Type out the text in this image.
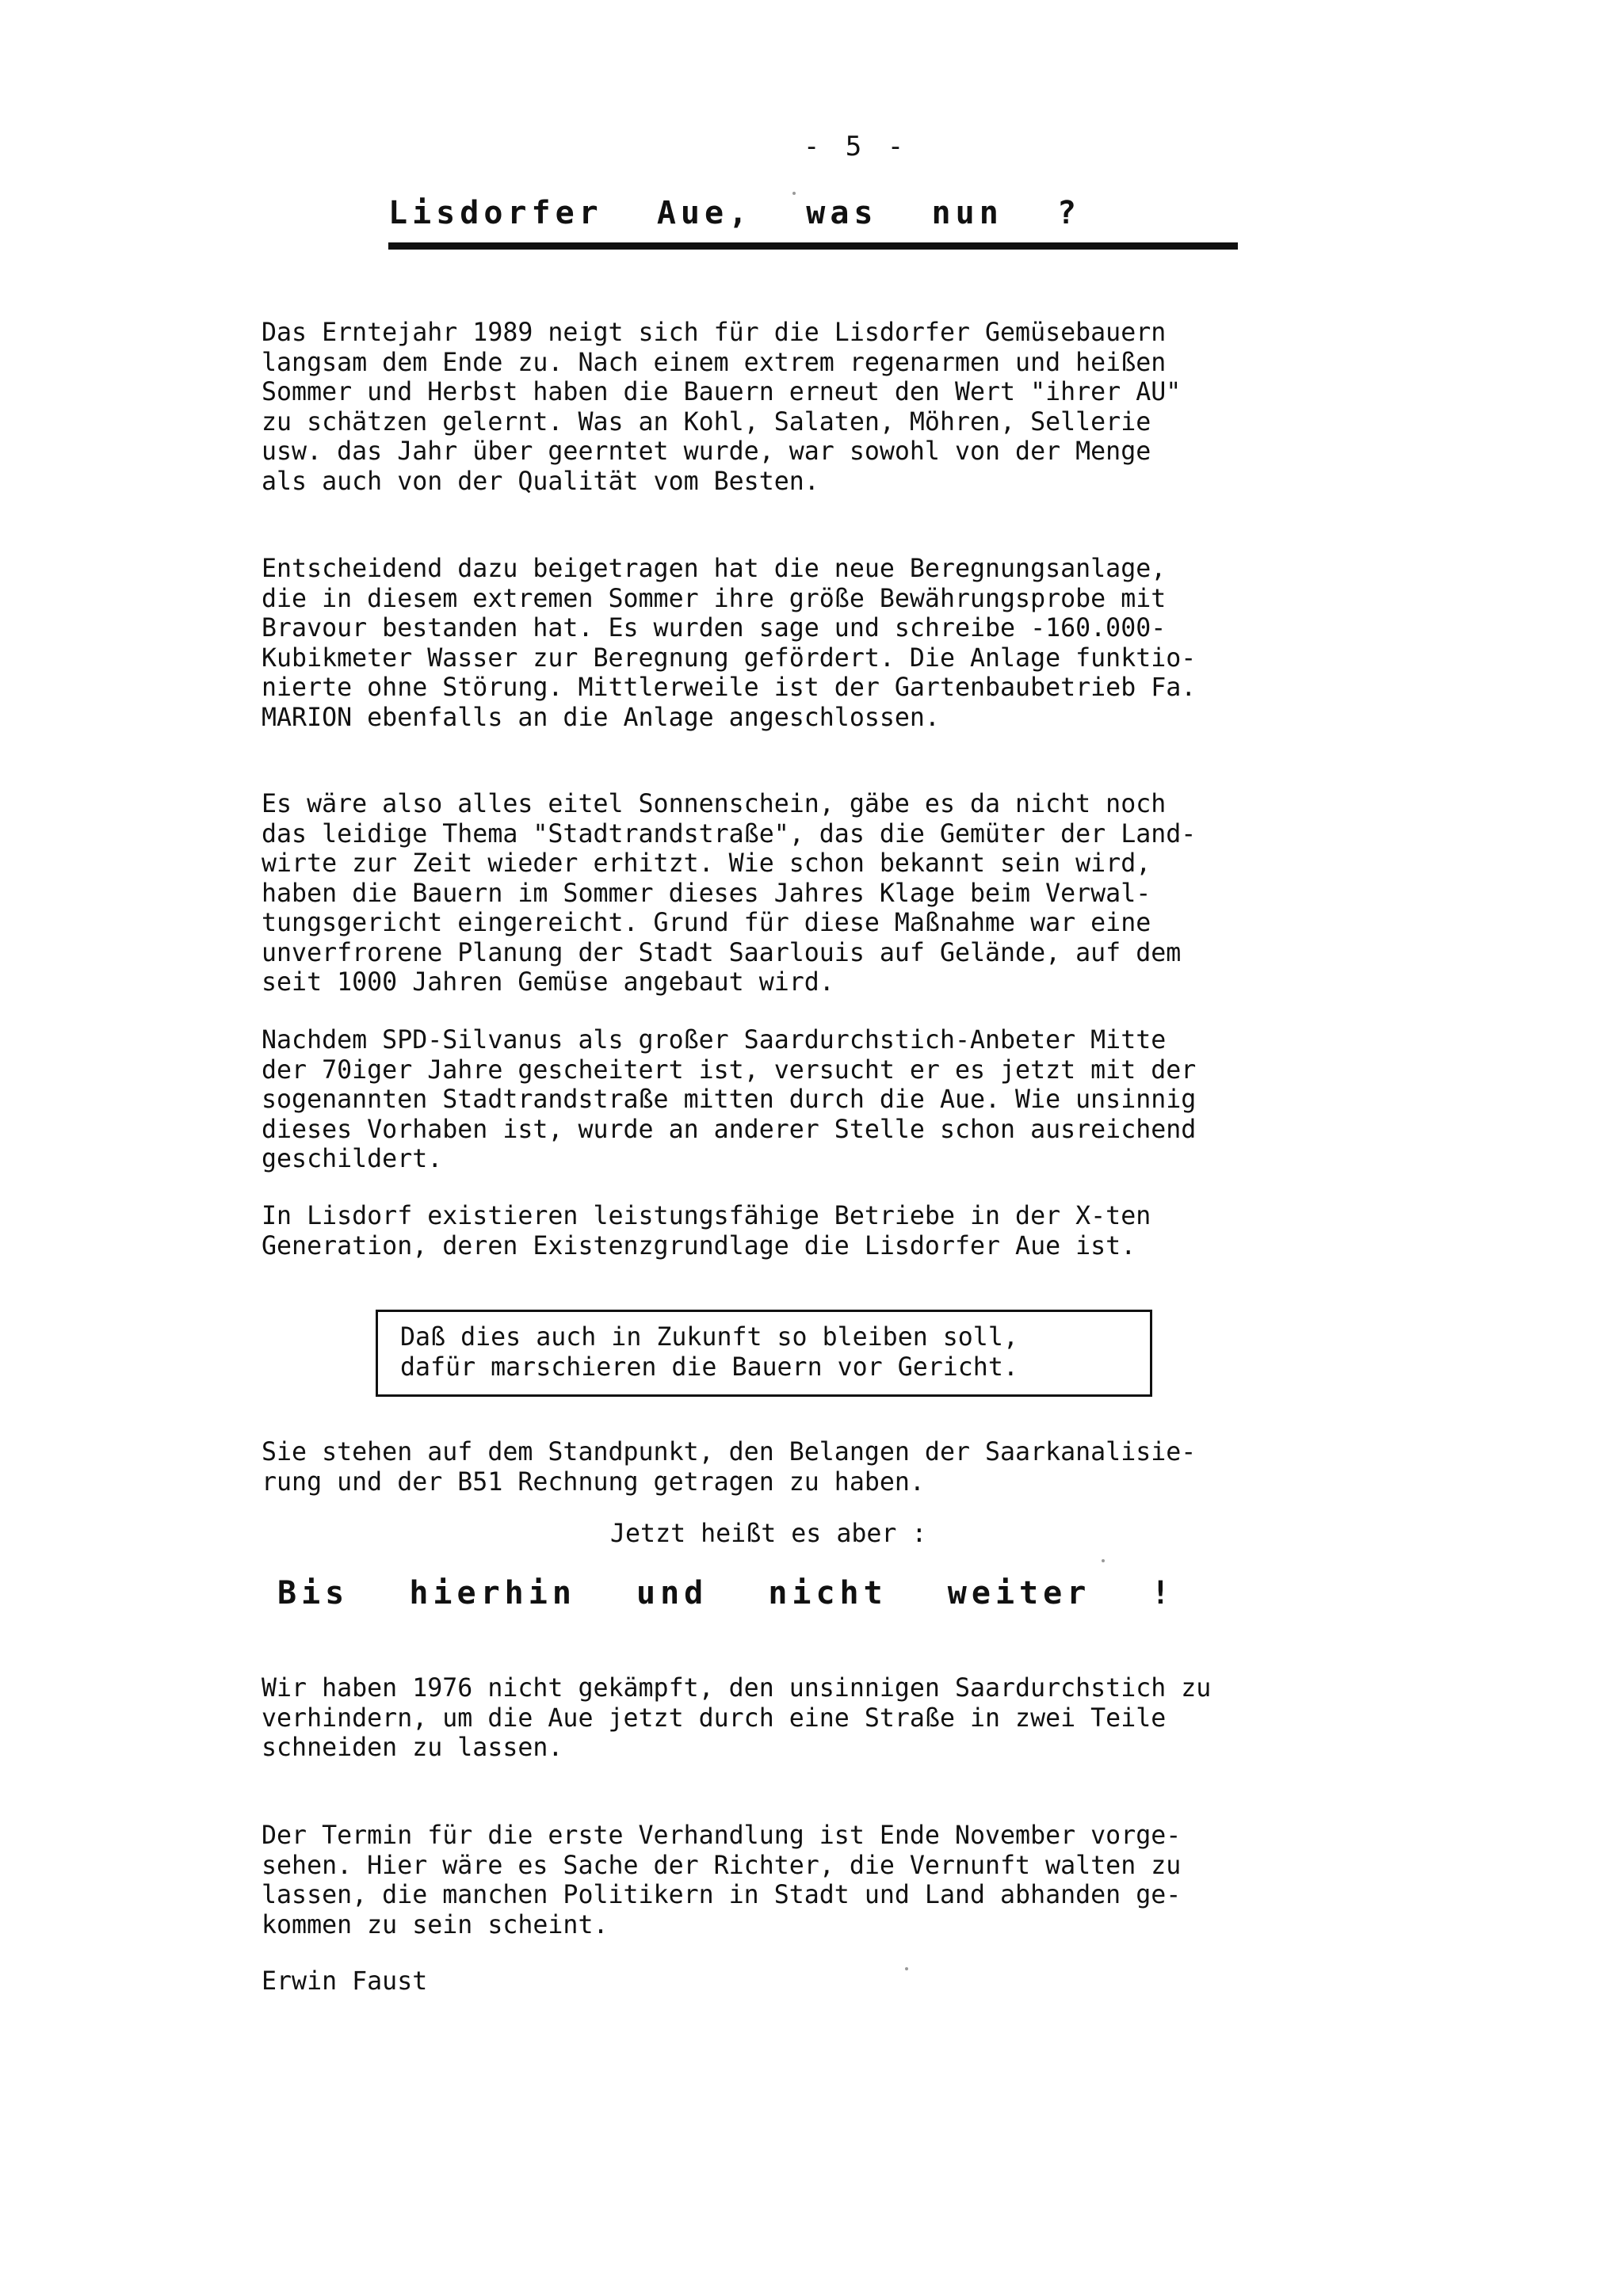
- 5 -
Lisdorfer Aue, was nun ?
Das Erntejahr 1989 neigt sich für die Lisdorfer Gemüsebauern
langsam dem Ende zu. Nach einem extrem regenarmen und heißen
Sommer und Herbst haben die Bauern erneut den Wert "ihrer AU"
zu schätzen gelernt. Was an Kohl, Salaten, Möhren, Sellerie
usw. das Jahr über geerntet wurde, war sowohl von der Menge
als auch von der Qualität vom Besten.
Entscheidend dazu beigetragen hat die neue Beregnungsanlage,
die in diesem extremen Sommer ihre größe Bewährungsprobe mit
Bravour bestanden hat. Es wurden sage und schreibe -160.000-
Kubikmeter Wasser zur Beregnung gefördert. Die Anlage funktio-
nierte ohne Störung. Mittlerweile ist der Gartenbaubetrieb Fa.
MARION ebenfalls an die Anlage angeschlossen.
Es wäre also alles eitel Sonnenschein, gäbe es da nicht noch
das leidige Thema "Stadtrandstraße", das die Gemüter der Land-
wirte zur Zeit wieder erhitzt. Wie schon bekannt sein wird,
haben die Bauern im Sommer dieses Jahres Klage beim Verwal-
tungsgericht eingereicht. Grund für diese Maßnahme war eine
unverfrorene Planung der Stadt Saarlouis auf Gelände, auf dem
seit 1000 Jahren Gemüse angebaut wird.
Nachdem SPD-Silvanus als großer Saardurchstich-Anbeter Mitte
der 70iger Jahre gescheitert ist, versucht er es jetzt mit der
sogenannten Stadtrandstraße mitten durch die Aue. Wie unsinnig
dieses Vorhaben ist, wurde an anderer Stelle schon ausreichend
geschildert.
In Lisdorf existieren leistungsfähige Betriebe in der X-ten
Generation, deren Existenzgrundlage die Lisdorfer Aue ist.
Daß dies auch in Zukunft so bleiben soll,
dafür marschieren die Bauern vor Gericht.
Sie stehen auf dem Standpunkt, den Belangen der Saarkanalisie-
rung und der B51 Rechnung getragen zu haben.
Jetzt heißt es aber :
Bis hierhin und nicht weiter !
Wir haben 1976 nicht gekämpft, den unsinnigen Saardurchstich zu
verhindern, um die Aue jetzt durch eine Straße in zwei Teile
schneiden zu lassen.
Der Termin für die erste Verhandlung ist Ende November vorge-
sehen. Hier wäre es Sache der Richter, die Vernunft walten zu
lassen, die manchen Politikern in Stadt und Land abhanden ge-
kommen zu sein scheint.
Erwin Faust
